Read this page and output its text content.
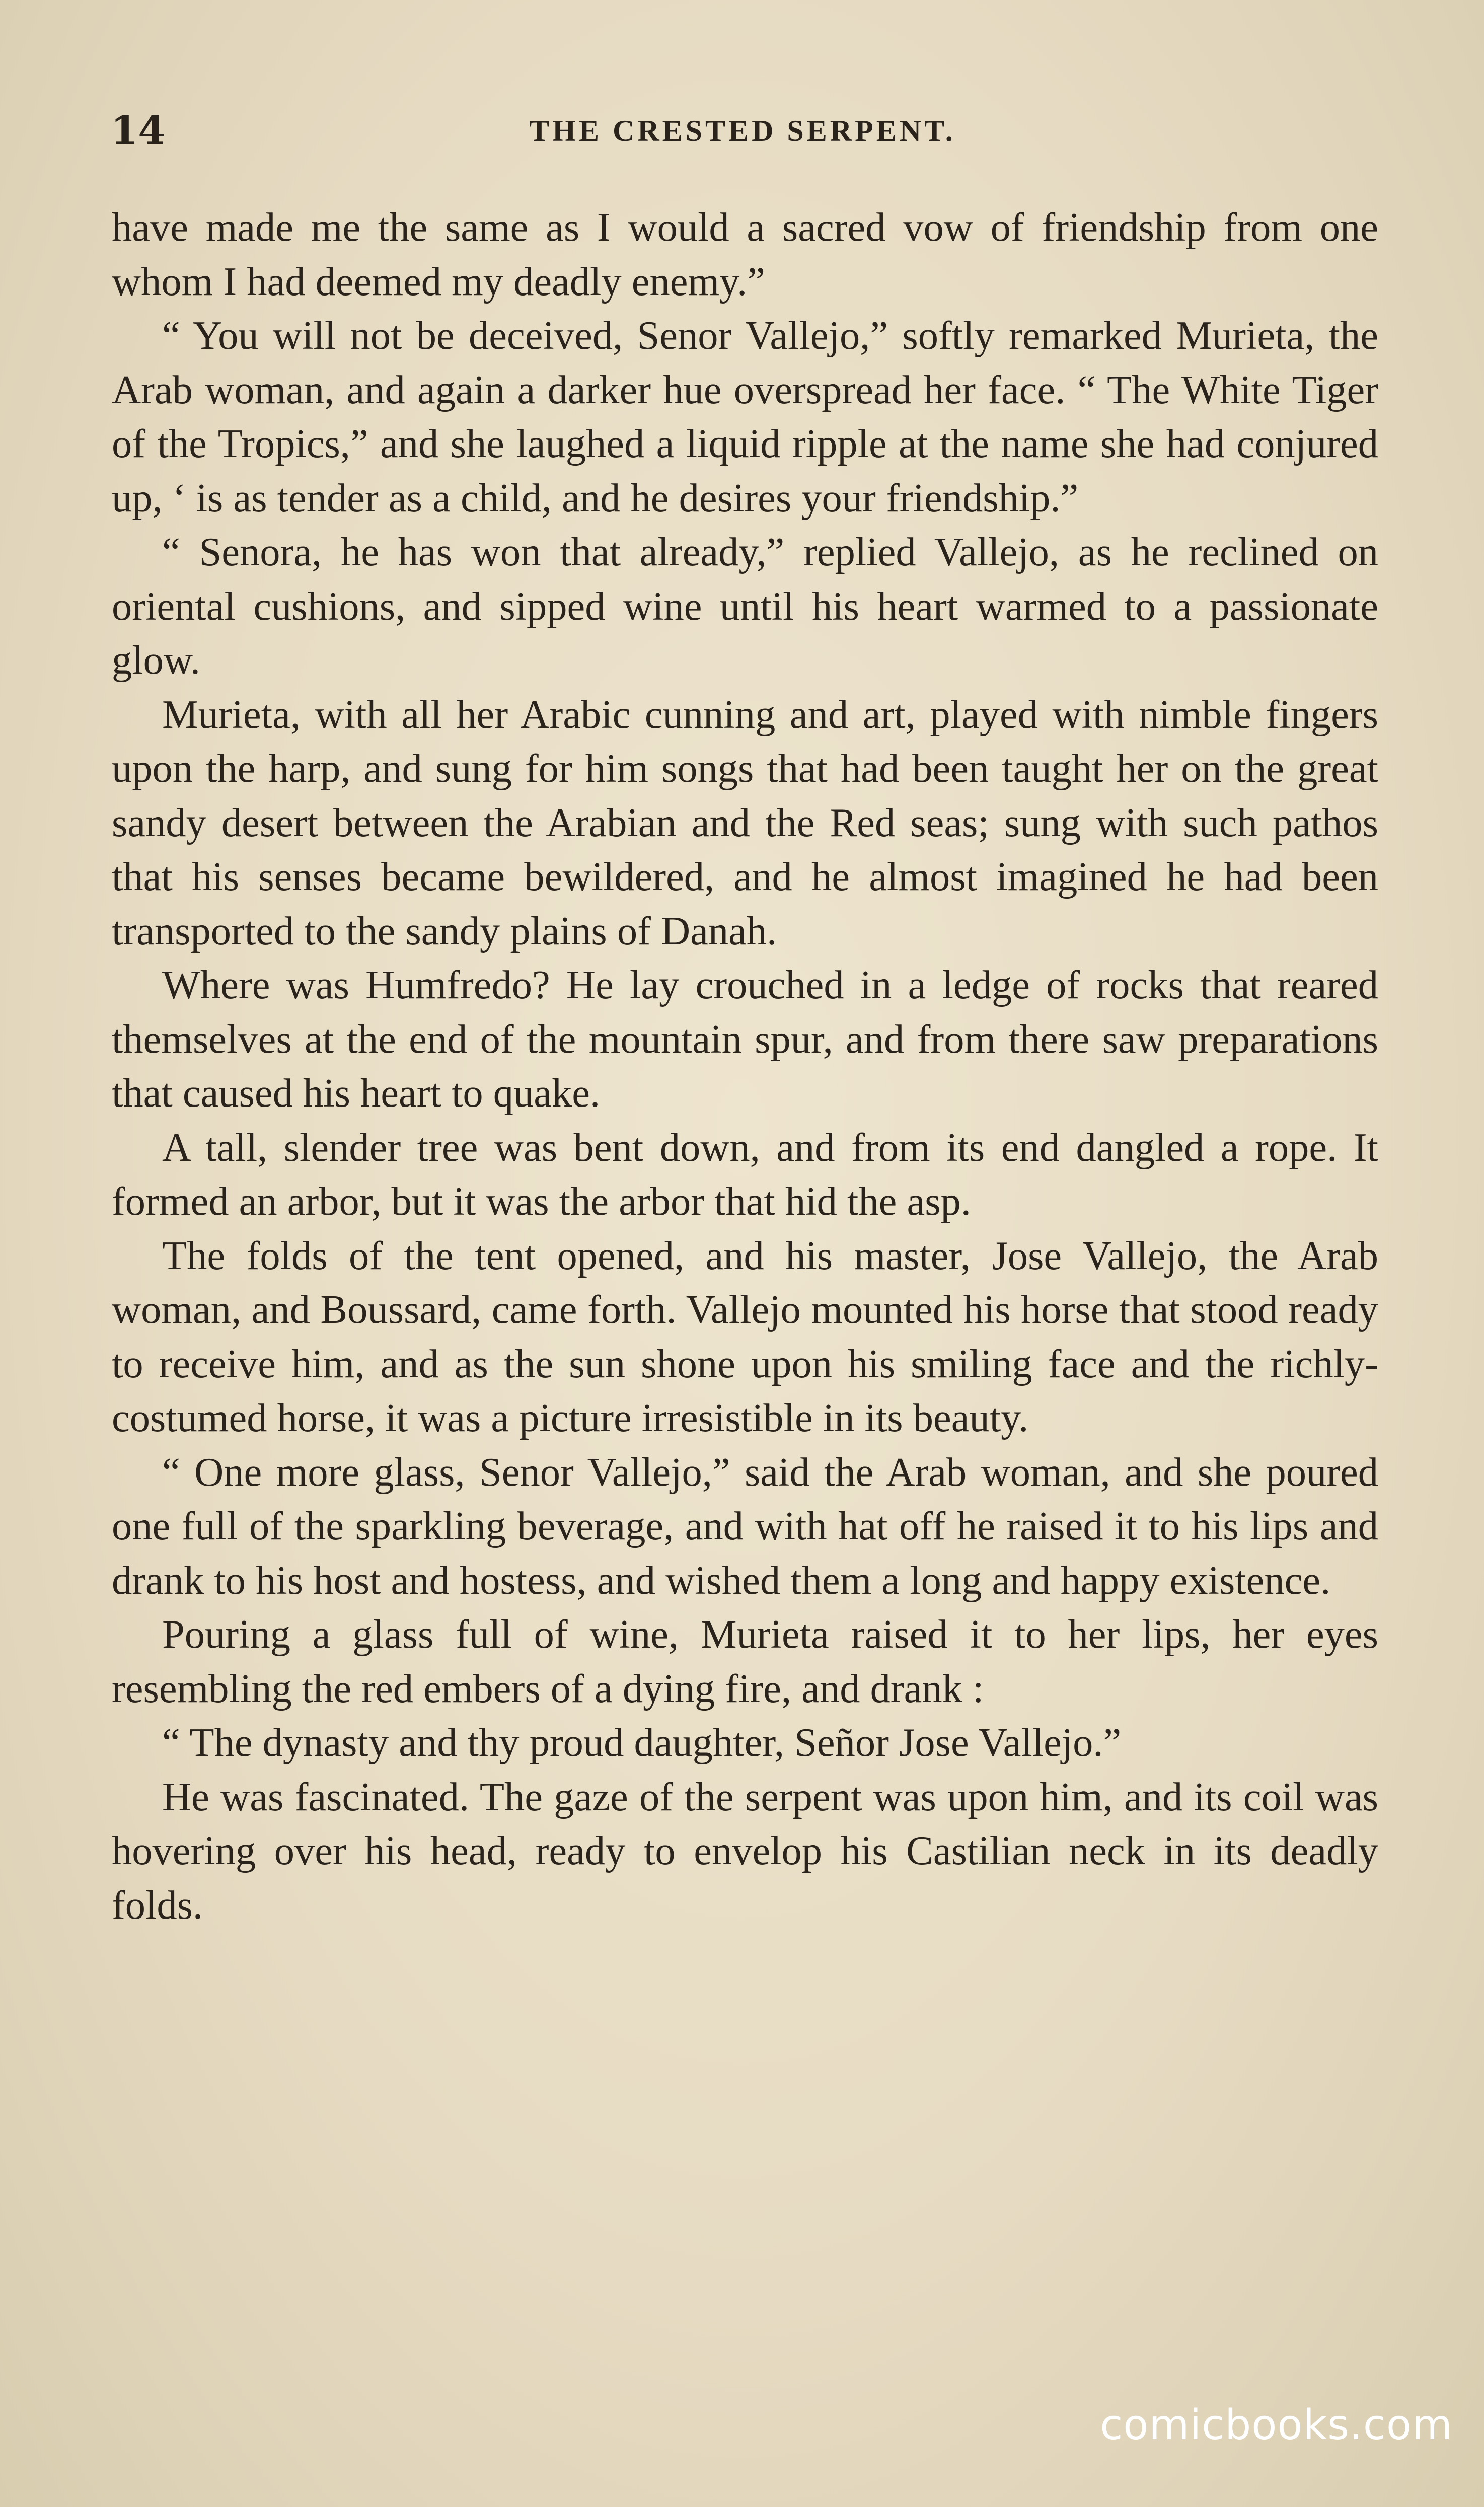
14	THE CRESTED SERPENT.

have made me the same as I would a sacred vow of friendship from one whom I had deemed my deadly enemy.”

“ You will not be deceived, Senor Vallejo,” softly remarked Murieta, the Arab woman, and again a darker hue overspread her face. “ The White Tiger of the Tropics,” and she laughed a liquid ripple at the name she had conjured up, ‘ is as tender as a child, and he desires your friendship.”

“ Senora, he has won that already,” replied Vallejo, as he reclined on oriental cushions, and sipped wine until his heart warmed to a passionate glow.

Murieta, with all her Arabic cunning and art, played with nimble fingers upon the harp, and sung for him songs that had been taught her on the great sandy desert between the Arabian and the Red seas; sung with such pathos that his senses became bewildered, and he almost imagined he had been transported to the sandy plains of Danah.

Where was Humfredo? He lay crouched in a ledge of rocks that reared themselves at the end of the mountain spur, and from there saw preparations that caused his heart to quake.

A tall, slender tree was bent down, and from its end dangled a rope. It formed an arbor, but it was the arbor that hid the asp.

The folds of the tent opened, and his master, Jose Vallejo, the Arab woman, and Boussard, came forth. Vallejo mounted his horse that stood ready to receive him, and as the sun shone upon his smiling face and the richly-costumed horse, it was a picture irresistible in its beauty.

“ One more glass, Senor Vallejo,” said the Arab woman, and she poured one full of the sparkling beverage, and with hat off he raised it to his lips and drank to his host and hostess, and wished them a long and happy existence.

Pouring a glass full of wine, Murieta raised it to her lips, her eyes resembling the red embers of a dying fire, and drank :

“ The dynasty and thy proud daughter, Señor Jose Vallejo.”

He was fascinated. The gaze of the serpent was upon him, and its coil was hovering over his head, ready to envelop his Castilian neck in its deadly folds.

comicbooks.com
